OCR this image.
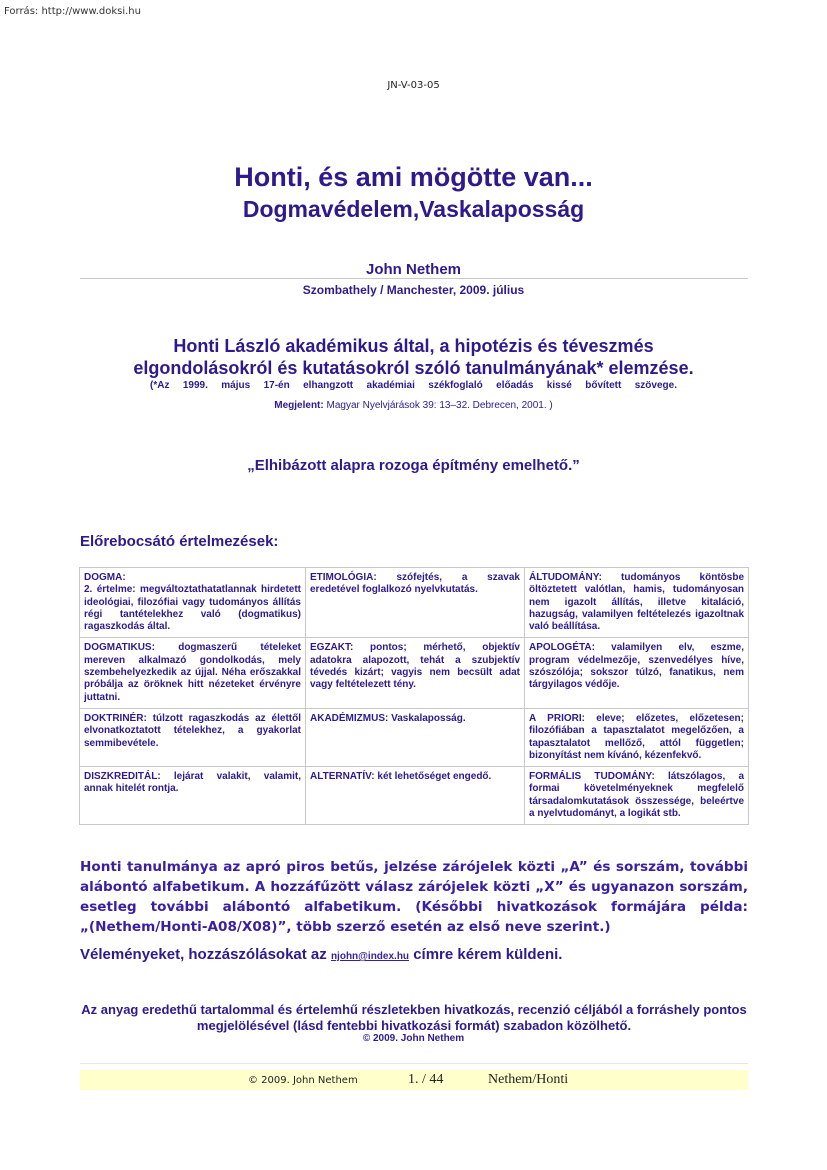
Forrás: http://www.doksi.hu
JN-V-03-05
Honti, és ami mögötte van...
Dogmavédelem,Vaskalaposság
John Nethem
Szombathely / Manchester, 2009. július
Honti László akadémikus által, a hipotézis és téveszmés
elgondolásokról és kutatásokról szóló tanulmányának* elemzése.
(*Az 1999. május 17-én elhangzott akadémiai székfoglaló előadás kissé bővített szövege.
Megjelent: Magyar Nyelvjárások 39: 13–32. Debrecen, 2001. )
„Elhibázott alapra rozoga építmény emelhető.”
Előrebocsátó értelmezések:
DOGMA:
2. értelme: megváltoztathatatlannak hirdetett ideológiai, filozófiai vagy tudományos állítás régi tantételekhez való (dogmatikus) ragaszkodás által.	ETIMOLÓGIA: szófejtés, a szavak eredetével foglalkozó nyelvkutatás.	ÁLTUDOMÁNY: tudományos köntösbe öltöztetett valótlan, hamis, tudományosan nem igazolt állítás, illetve kitaláció, hazugság, valamilyen feltételezés igazoltnak való beállítása.
DOGMATIKUS: dogmaszerű tételeket mereven alkalmazó gondolkodás, mely szembehelyezkedik az újjal. Néha erőszakkal próbálja az öröknek hitt nézeteket érvényre juttatni.	EGZAKT: pontos; mérhető, objektív adatokra alapozott, tehát a szubjektív tévedés kizárt; vagyis nem becsült adat vagy feltételezett tény.	APOLOGÉTA: valamilyen elv, eszme, program védelmezője, szenvedélyes híve, szószólója; sokszor túlzó, fanatikus, nem tárgyilagos védője.
DOKTRINÉR: túlzott ragaszkodás az élettől elvonatkoztatott tételekhez, a gyakorlat semmibevétele.	AKADÉMIZMUS: Vaskalaposság.	A PRIORI: eleve; előzetes, előzetesen; filozófiában a tapasztalatot megelőzően, a tapasztalatot mellőző, attól független; bizonyítást nem kívánó, kézenfekvő.
DISZKREDITÁL: lejárat valakit, valamit, annak hitelét rontja.	ALTERNATÍV: két lehetőséget engedő.	FORMÁLIS TUDOMÁNY: látszólagos, a formai követelményeknek megfelelő társadalomkutatások összessége, beleértve a nyelvtudományt, a logikát stb.
Honti tanulmánya az apró piros betűs, jelzése zárójelek közti „A” és sorszám, további alábontó alfabetikum. A hozzáfűzött válasz zárójelek közti „X” és ugyanazon sorszám, esetleg további alábontó alfabetikum. (Későbbi hivatkozások formájára példa: „(Nethem/Honti-A08/X08)”, több szerző esetén az első neve szerint.)
Véleményeket, hozzászólásokat az njohn@index.hu címre kérem küldeni.
Az anyag eredethű tartalommal és értelemhű részletekben hivatkozás, recenzió céljából a forráshely pontos megjelölésével (lásd fentebbi hivatkozási formát) szabadon közölhető.
© 2009. John Nethem
© 2009. John Nethem	1. / 44	Nethem/Honti
